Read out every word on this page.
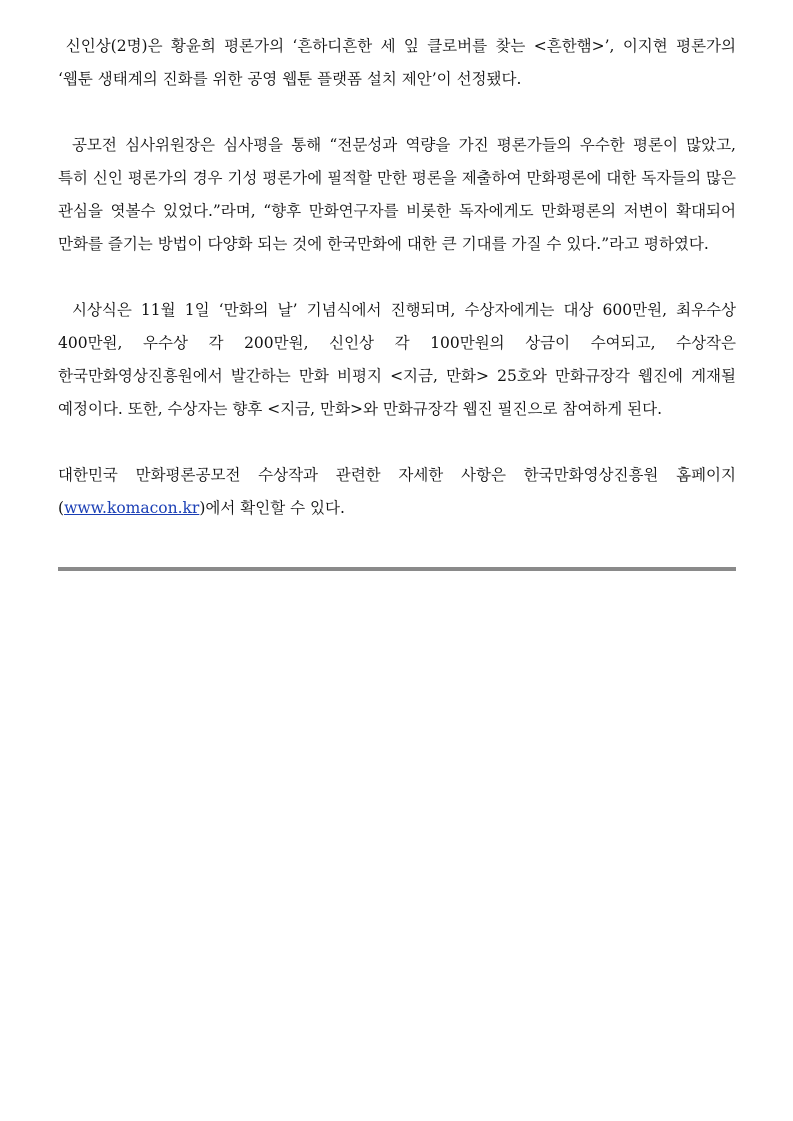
신인상(2명)은 황윤희 평론가의 ‘흔하디흔한 세 잎 클로버를 찾는 <흔한햄>’, 이지현 평론가의 ‘웹툰 생태계의 진화를 위한 공영 웹툰 플랫폼 설치 제안’이 선정됐다.

공모전 심사위원장은 심사평을 통해 “전문성과 역량을 가진 평론가들의 우수한 평론이 많았고, 특히 신인 평론가의 경우 기성 평론가에 필적할 만한 평론을 제출하여 만화평론에 대한 독자들의 많은 관심을 엿볼수 있었다.”라며, “향후 만화연구자를 비롯한 독자에게도 만화평론의 저변이 확대되어 만화를 즐기는 방법이 다양화 되는 것에 한국만화에 대한 큰 기대를 가질 수 있다.”라고 평하였다.

시상식은 11월 1일 ‘만화의 날’ 기념식에서 진행되며, 수상자에게는 대상 600만원, 최우수상 400만원, 우수상 각 200만원, 신인상 각 100만원의 상금이 수여되고, 수상작은 한국만화영상진흥원에서 발간하는 만화 비평지 <지금, 만화> 25호와 만화규장각 웹진에 게재될 예정이다. 또한, 수상자는 향후 <지금, 만화>와 만화규장각 웹진 필진으로 참여하게 된다.

대한민국 만화평론공모전 수상작과 관련한 자세한 사항은 한국만화영상진흥원 홈페이지(www.komacon.kr)에서 확인할 수 있다.
